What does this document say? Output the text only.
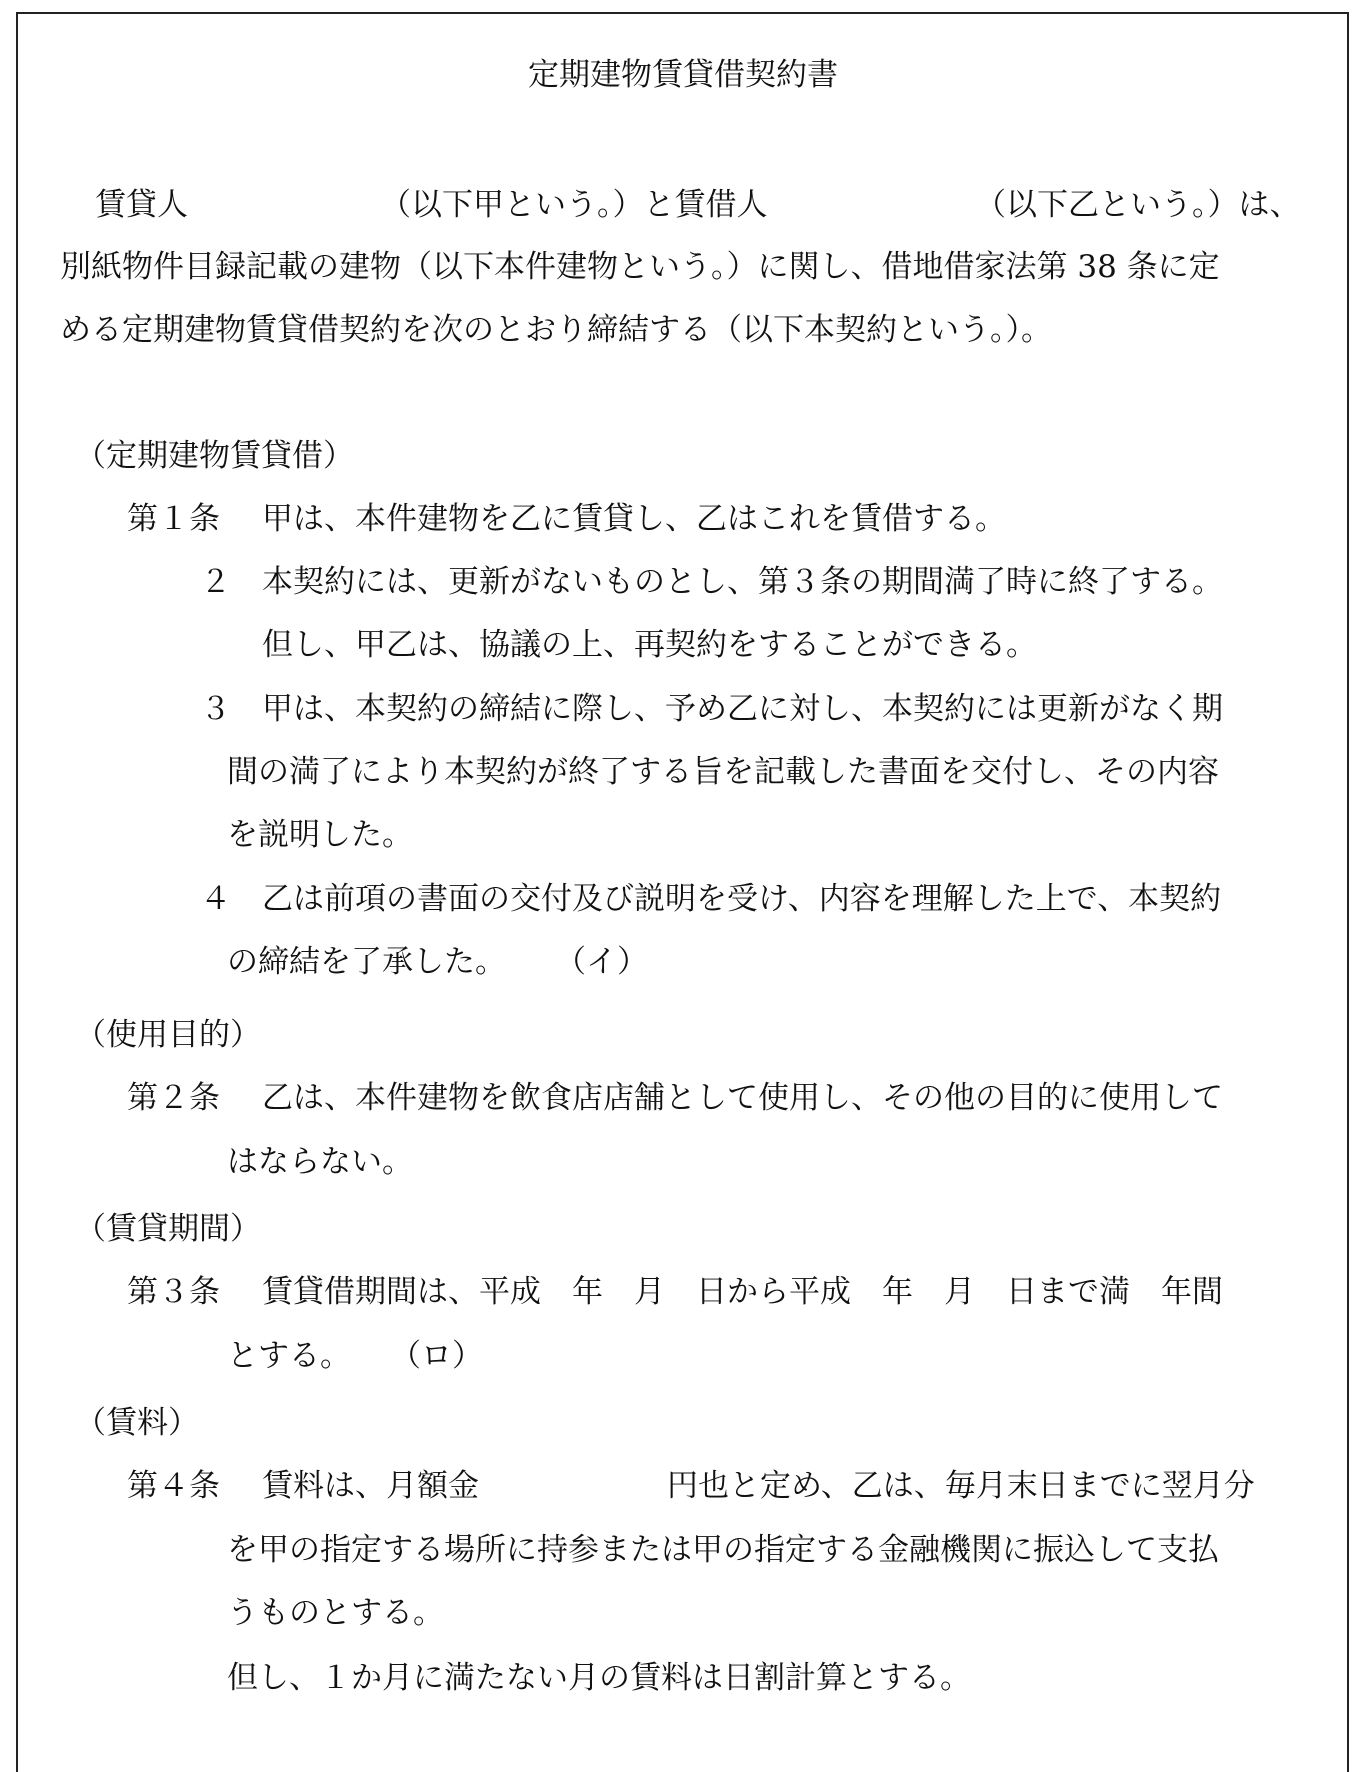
定期建物賃貸借契約書
賃貸人	（以下甲という。）と賃借人	（以下乙という。）は、
別紙物件目録記載の建物（以下本件建物という。）に関し、借地借家法第 38 条に定
める定期建物賃貸借契約を次のとおり締結する（以下本契約という。）。
（定期建物賃貸借）
第１条 甲は、本件建物を乙に賃貸し、乙はこれを賃借する。
２ 本契約には、更新がないものとし、第３条の期間満了時に終了する。
但し、甲乙は、協議の上、再契約をすることができる。
３ 甲は、本契約の締結に際し、予め乙に対し、本契約には更新がなく期
間の満了により本契約が終了する旨を記載した書面を交付し、その内容
を説明した。
４ 乙は前項の書面の交付及び説明を受け、内容を理解した上で、本契約
の締結を了承した。 （イ）
（使用目的）
第２条 乙は、本件建物を飲食店店舗として使用し、その他の目的に使用して
はならない。
（賃貸期間）
第３条 賃貸借期間は、平成　年　月　日から平成　年　月　日まで満　年間
とする。 （ロ）
（賃料）
第４条 賃料は、月額金	円也と定め、乙は、毎月末日までに翌月分
を甲の指定する場所に持参または甲の指定する金融機関に振込して支払
うものとする。
但し、１か月に満たない月の賃料は日割計算とする。
